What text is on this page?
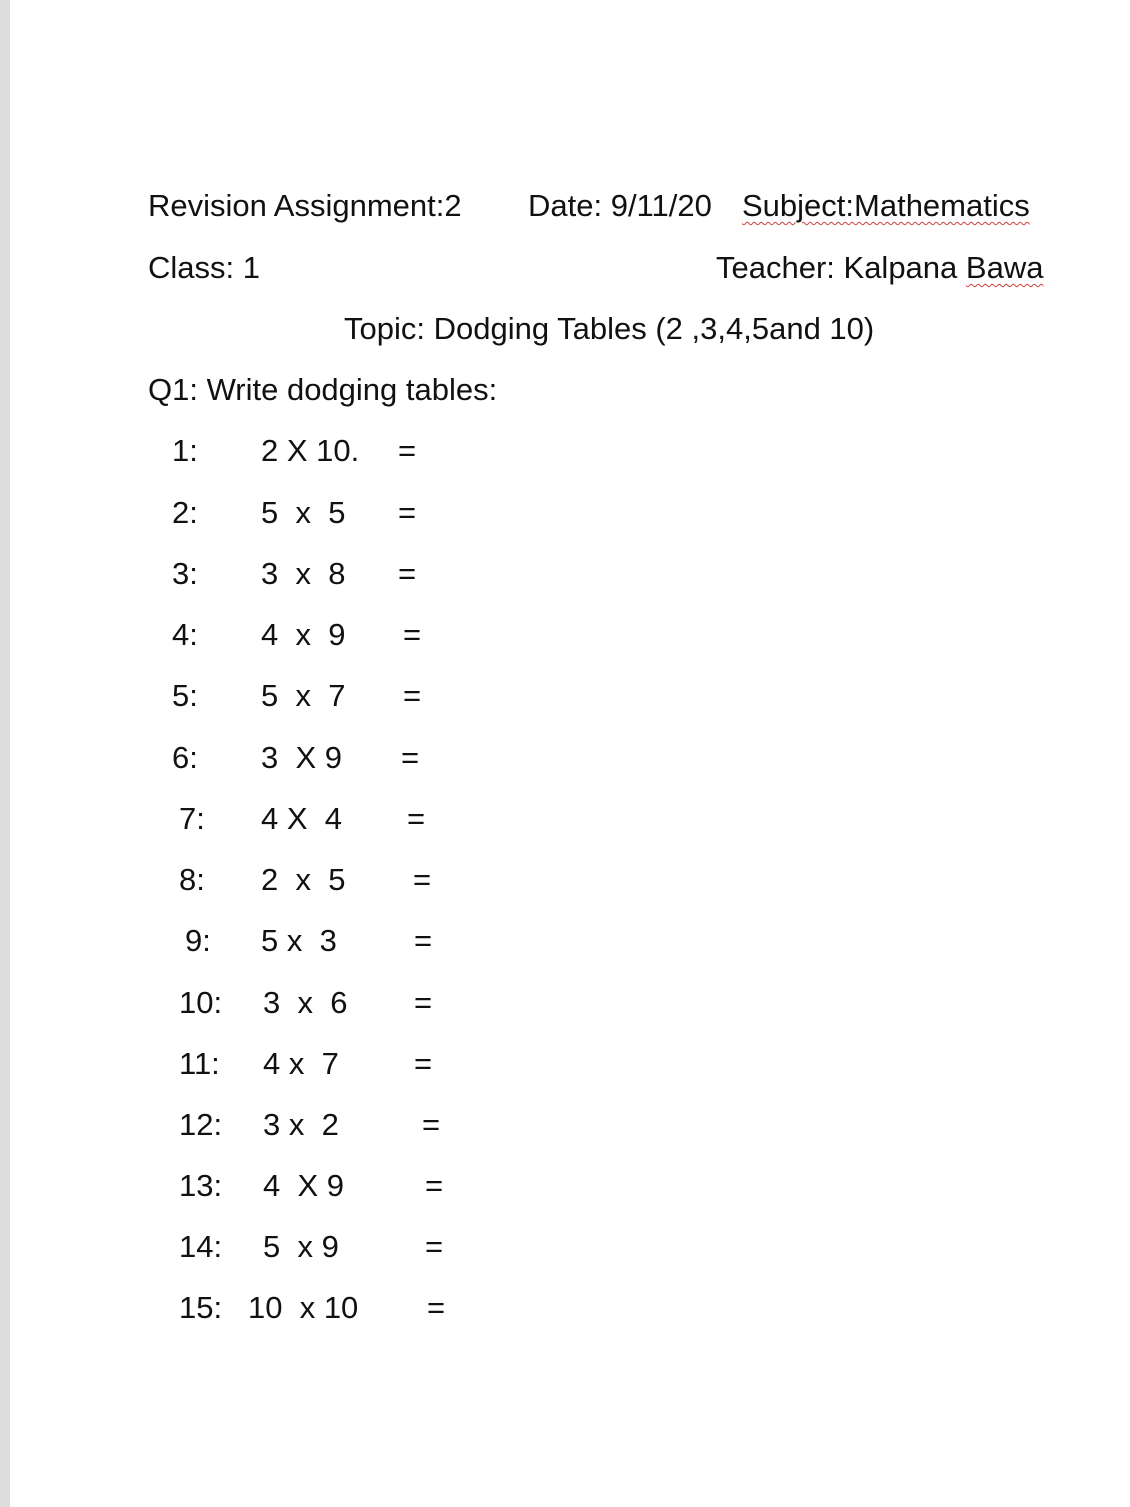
Revision Assignment:2 Date: 9/11/20 Subject:Mathematics
Class: 1	Teacher: Kalpana Bawa
Topic: Dodging Tables (2 ,3,4,5and 10)
Q1: Write dodging tables:
1: 2 X 10. =
2: 5  x  5 =
3: 3  x  8 =
4: 4  x  9 =
5: 5  x  7 =
6: 3  X 9 =
7: 4 X  4 =
8: 2  x  5 =
9: 5 x  3 =
10: 3  x  6 =
11: 4 x  7 =
12: 3 x  2	=
13: 4  X 9	=
14: 5  x 9	=
15: 10  x 10 =
